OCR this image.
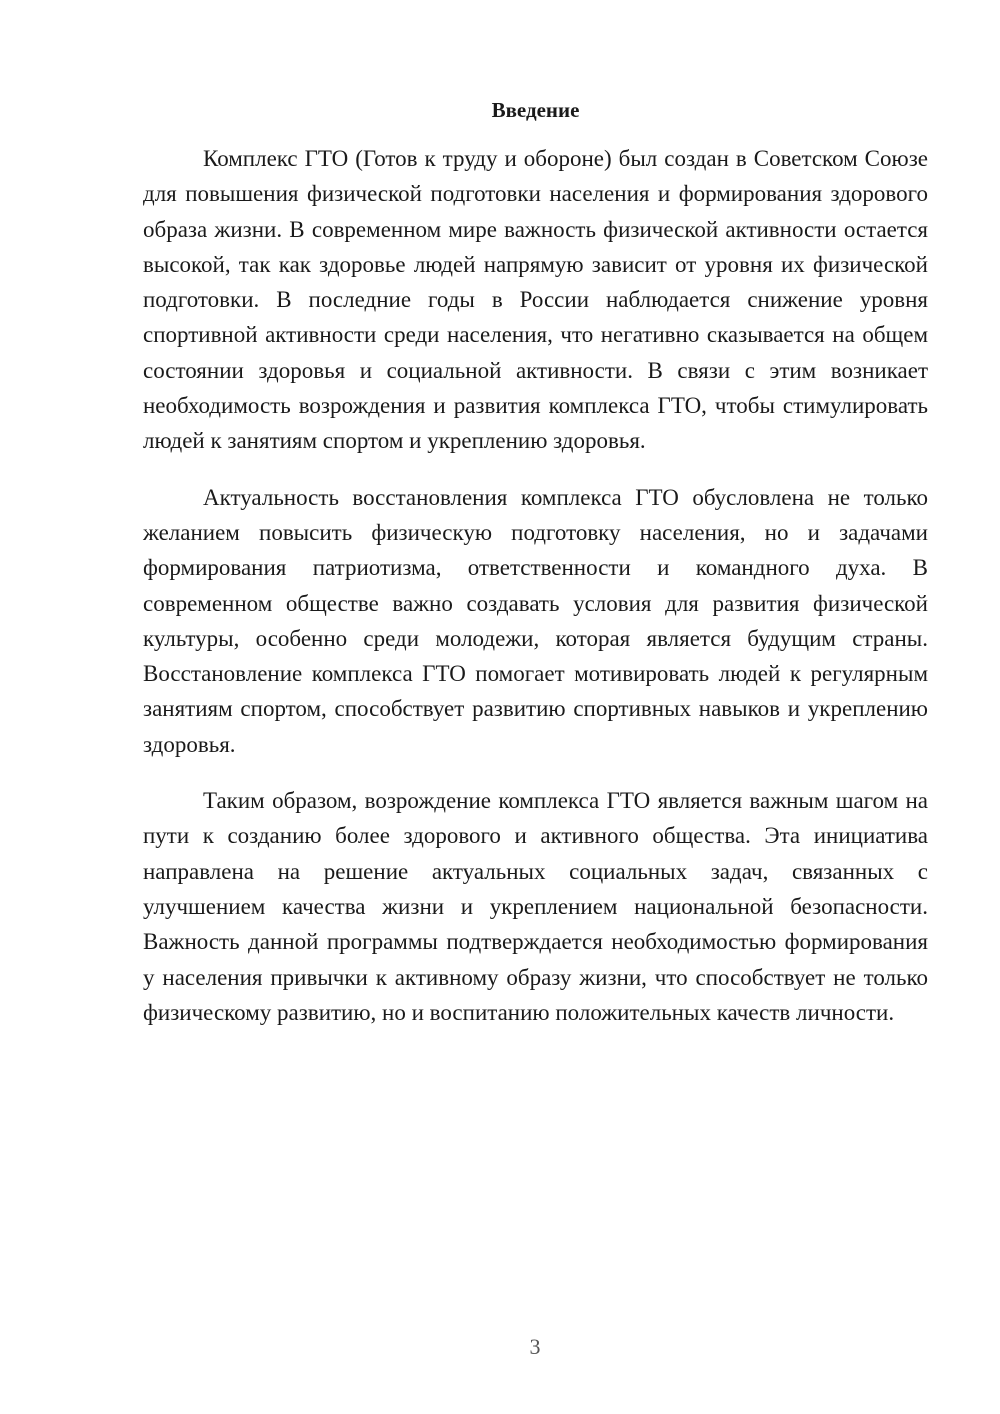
Введение

Комплекс ГТО (Готов к труду и обороне) был создан в Советском Союзе для повышения физической подготовки населения и формирования здорового образа жизни. В современном мире важность физической активности остается высокой, так как здоровье людей напрямую зависит от уровня их физической подготовки. В последние годы в России наблюдается снижение уровня спортивной активности среди населения, что негативно сказывается на общем состоянии здоровья и социальной активности. В связи с этим возникает необходимость возрождения и развития комплекса ГТО, чтобы стимулировать людей к занятиям спортом и укреплению здоровья.

Актуальность восстановления комплекса ГТО обусловлена не только желанием повысить физическую подготовку населения, но и задачами формирования патриотизма, ответственности и командного духа. В современном обществе важно создавать условия для развития физической культуры, особенно среди молодежи, которая является будущим страны. Восстановление комплекса ГТО помогает мотивировать людей к регулярным занятиям спортом, способствует развитию спортивных навыков и укреплению здоровья.

Таким образом, возрождение комплекса ГТО является важным шагом на пути к созданию более здорового и активного общества. Эта инициатива направлена на решение актуальных социальных задач, связанных с улучшением качества жизни и укреплением национальной безопасности. Важность данной программы подтверждается необходимостью формирования у населения привычки к активному образу жизни, что способствует не только физическому развитию, но и воспитанию положительных качеств личности.

3
